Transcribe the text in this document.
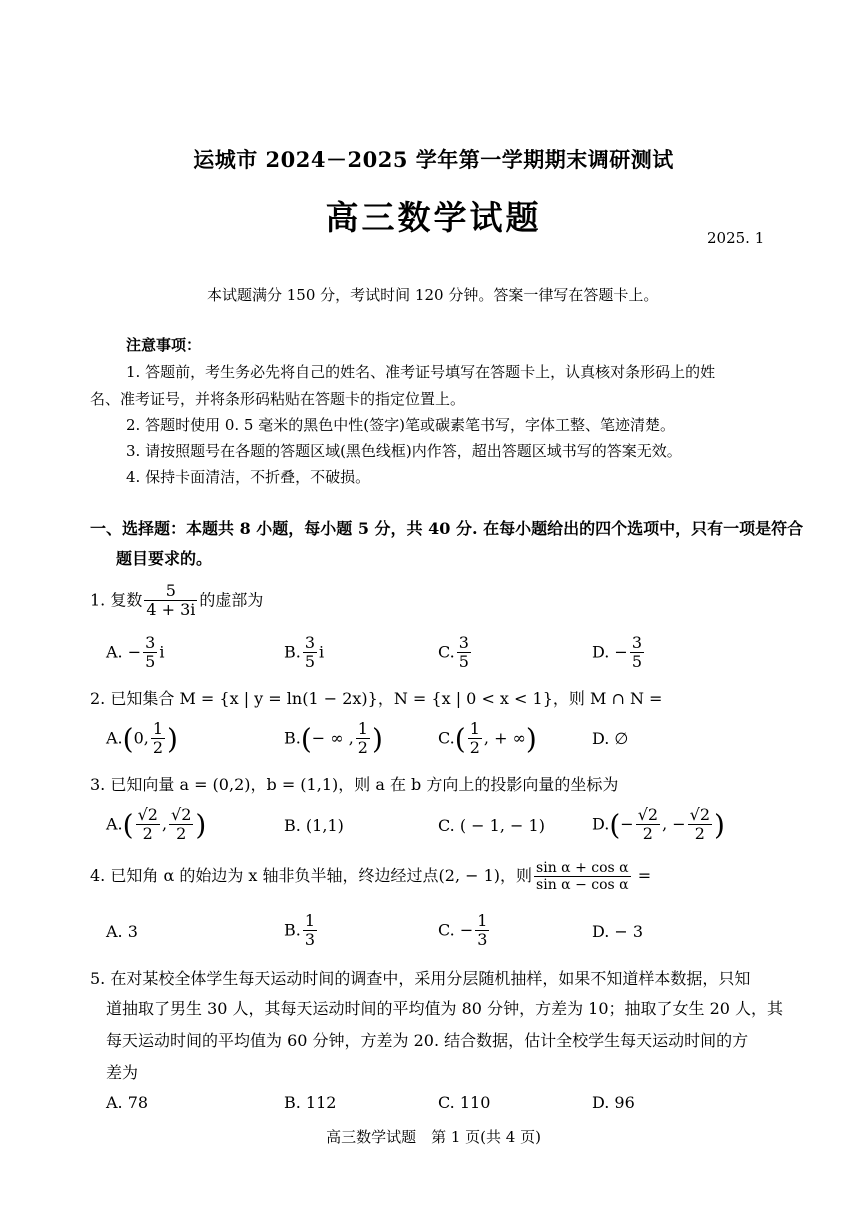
运城市 2024－2025 学年第一学期期末调研测试
高三数学试题
2025. 1
本试题满分 150 分，考试时间 120 分钟。答案一律写在答题卡上。
注意事项：
1. 答题前，考生务必先将自己的姓名、准考证号填写在答题卡上，认真核对条形码上的姓
名、准考证号，并将条形码粘贴在答题卡的指定位置上。
2. 答题时使用 0. 5 毫米的黑色中性(签字)笔或碳素笔书写，字体工整、笔迹清楚。
3. 请按照题号在各题的答题区域(黑色线框)内作答，超出答题区域书写的答案无效。
4. 保持卡面清洁，不折叠，不破损。
一、选择题：本题共 8 小题，每小题 5 分，共 40 分. 在每小题给出的四个选项中，只有一项是符合
题目要求的。
1. 复数 $\frac{5}{4 + 3i}$ 的虚部为
A. − $\frac{3}{5}$ i	B. $\frac{3}{5}$ i	C. $\frac{3}{5}$	D. − $\frac{3}{5}$
2. 已知集合 M = {x | y = ln(1 − 2x)}，N = {x | 0 < x < 1}，则 M ∩ N =
A.(0, $\frac{1}{2}$ )	B.(− ∞ , $\frac{1}{2}$ )	$C.( \frac{1}{2}$ , + ∞)	D. ∅
3. 已知向量 a = (0,2)，b = (1,1)，则 a 在 b 方向上的投影向量的坐标为
$A.( \frac{√2}{2}$ , $\frac{√2}{2}$ )	B. (1,1)	C. ( − 1, − 1)	$D.(- \frac{√2}{2}$ , − $\frac{√2}{2}$ )
4. 已知角 α 的始边为 x 轴非负半轴，终边经过点(2, − 1)，则 $\frac{\text{sin α + cos α}}{\text{sin α − cos α}}$ =
A. 3	B. $\frac{1}{3}$	C. − $\frac{1}{3}$	D. − 3
5. 在对某校全体学生每天运动时间的调查中，采用分层随机抽样，如果不知道样本数据，只知
道抽取了男生 30 人，其每天运动时间的平均值为 80 分钟，方差为 10；抽取了女生 20 人，其
每天运动时间的平均值为 60 分钟，方差为 20. 结合数据，估计全校学生每天运动时间的方
差为
A. 78	B. 112	C. 110	D. 96
高三数学试题　第 1 页(共 4 页)
